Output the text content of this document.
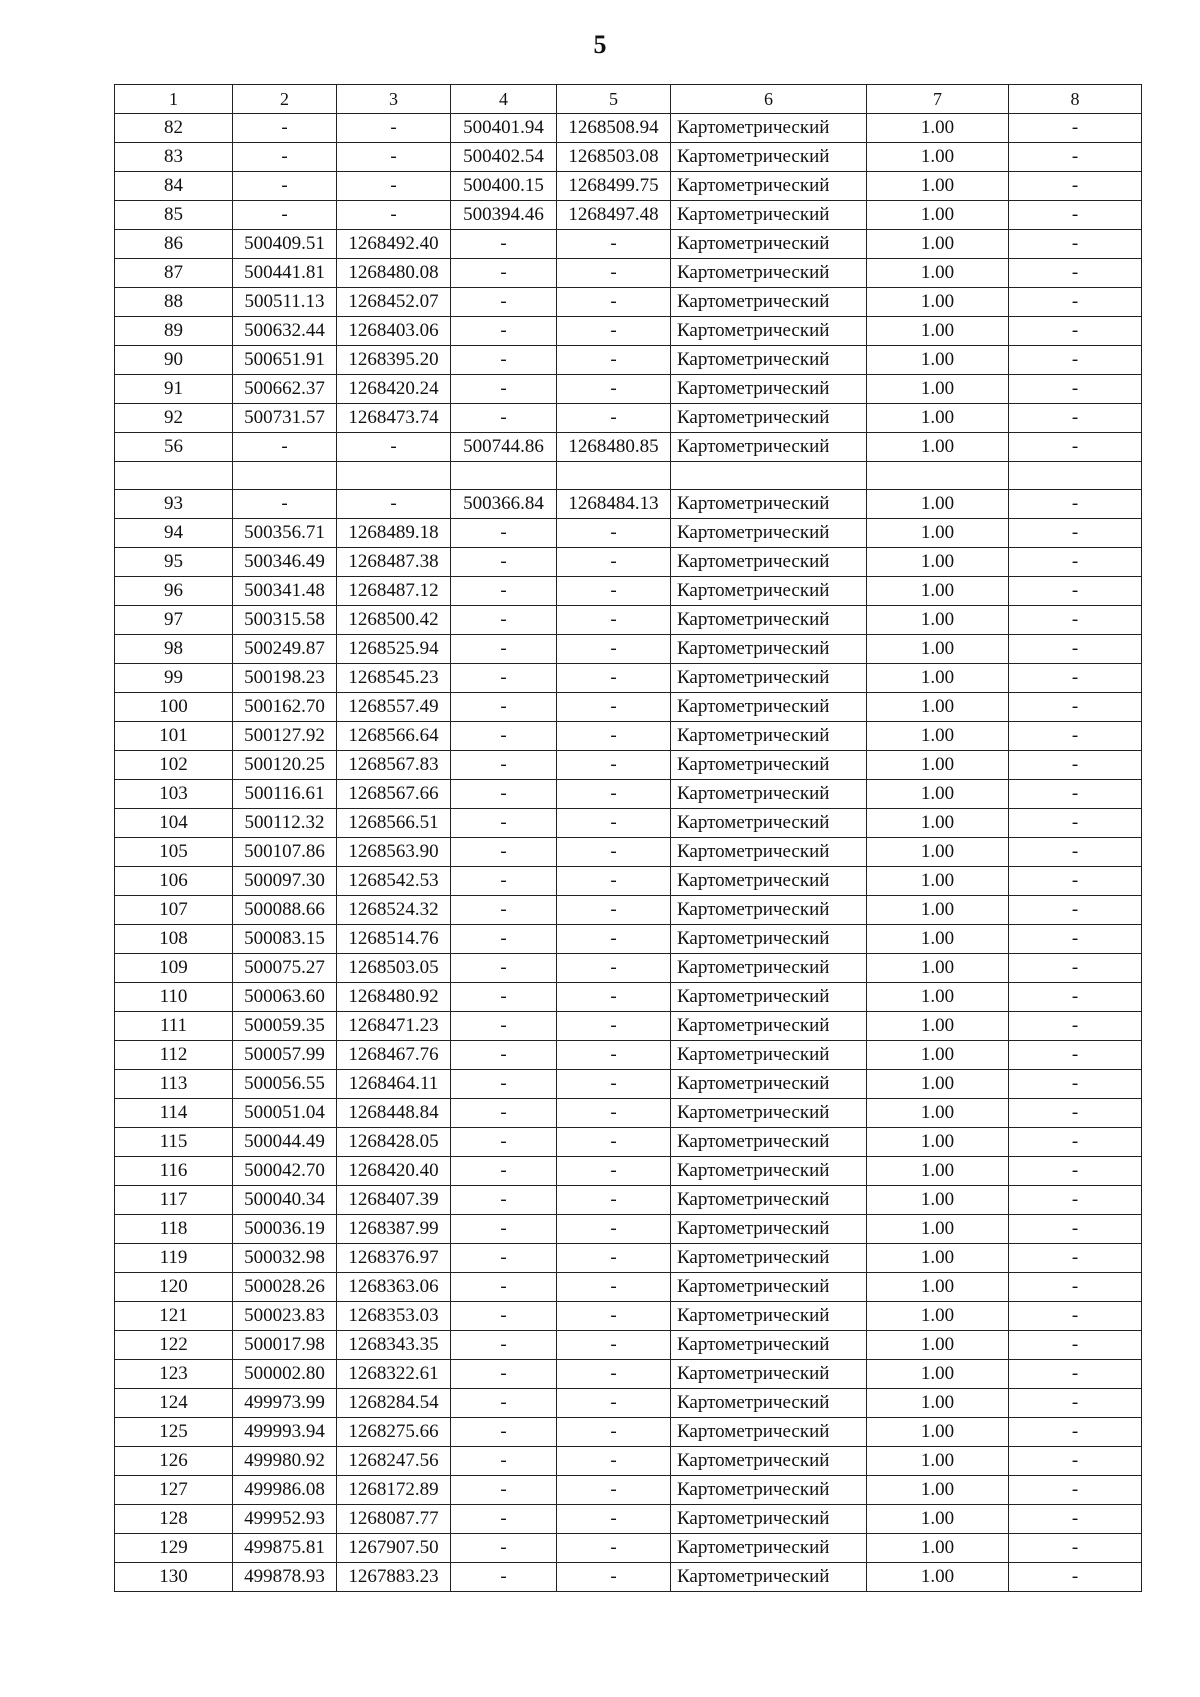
5
1	2	3	4	5	6	7	8
82	-	-	500401.94	1268508.94	Картометрический	1.00	-
83	-	-	500402.54	1268503.08	Картометрический	1.00	-
84	-	-	500400.15	1268499.75	Картометрический	1.00	-
85	-	-	500394.46	1268497.48	Картометрический	1.00	-
86	500409.51	1268492.40	-	-	Картометрический	1.00	-
87	500441.81	1268480.08	-	-	Картометрический	1.00	-
88	500511.13	1268452.07	-	-	Картометрический	1.00	-
89	500632.44	1268403.06	-	-	Картометрический	1.00	-
90	500651.91	1268395.20	-	-	Картометрический	1.00	-
91	500662.37	1268420.24	-	-	Картометрический	1.00	-
92	500731.57	1268473.74	-	-	Картометрический	1.00	-
56	-	-	500744.86	1268480.85	Картометрический	1.00	-

93	-	-	500366.84	1268484.13	Картометрический	1.00	-
94	500356.71	1268489.18	-	-	Картометрический	1.00	-
95	500346.49	1268487.38	-	-	Картометрический	1.00	-
96	500341.48	1268487.12	-	-	Картометрический	1.00	-
97	500315.58	1268500.42	-	-	Картометрический	1.00	-
98	500249.87	1268525.94	-	-	Картометрический	1.00	-
99	500198.23	1268545.23	-	-	Картометрический	1.00	-
100	500162.70	1268557.49	-	-	Картометрический	1.00	-
101	500127.92	1268566.64	-	-	Картометрический	1.00	-
102	500120.25	1268567.83	-	-	Картометрический	1.00	-
103	500116.61	1268567.66	-	-	Картометрический	1.00	-
104	500112.32	1268566.51	-	-	Картометрический	1.00	-
105	500107.86	1268563.90	-	-	Картометрический	1.00	-
106	500097.30	1268542.53	-	-	Картометрический	1.00	-
107	500088.66	1268524.32	-	-	Картометрический	1.00	-
108	500083.15	1268514.76	-	-	Картометрический	1.00	-
109	500075.27	1268503.05	-	-	Картометрический	1.00	-
110	500063.60	1268480.92	-	-	Картометрический	1.00	-
111	500059.35	1268471.23	-	-	Картометрический	1.00	-
112	500057.99	1268467.76	-	-	Картометрический	1.00	-
113	500056.55	1268464.11	-	-	Картометрический	1.00	-
114	500051.04	1268448.84	-	-	Картометрический	1.00	-
115	500044.49	1268428.05	-	-	Картометрический	1.00	-
116	500042.70	1268420.40	-	-	Картометрический	1.00	-
117	500040.34	1268407.39	-	-	Картометрический	1.00	-
118	500036.19	1268387.99	-	-	Картометрический	1.00	-
119	500032.98	1268376.97	-	-	Картометрический	1.00	-
120	500028.26	1268363.06	-	-	Картометрический	1.00	-
121	500023.83	1268353.03	-	-	Картометрический	1.00	-
122	500017.98	1268343.35	-	-	Картометрический	1.00	-
123	500002.80	1268322.61	-	-	Картометрический	1.00	-
124	499973.99	1268284.54	-	-	Картометрический	1.00	-
125	499993.94	1268275.66	-	-	Картометрический	1.00	-
126	499980.92	1268247.56	-	-	Картометрический	1.00	-
127	499986.08	1268172.89	-	-	Картометрический	1.00	-
128	499952.93	1268087.77	-	-	Картометрический	1.00	-
129	499875.81	1267907.50	-	-	Картометрический	1.00	-
130	499878.93	1267883.23	-	-	Картометрический	1.00	-
